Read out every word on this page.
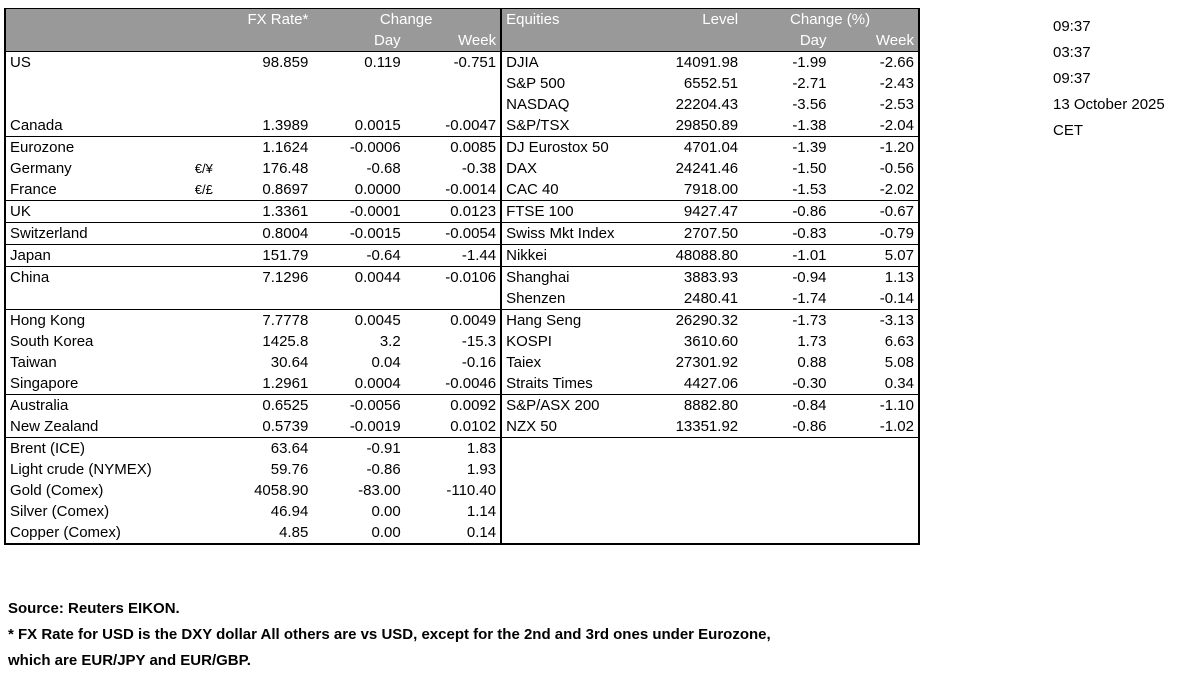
		FX Rate*	Change		Equities	Level	Change (%)	
			Day	Week			Day	Week
US		98.859	0.119	-0.751	DJIA	14091.98	-1.99	-2.66
					S&P 500	6552.51	-2.71	-2.43
					NASDAQ	22204.43	-3.56	-2.53
Canada		1.3989	0.0015	-0.0047	S&P/TSX	29850.89	-1.38	-2.04
Eurozone		1.1624	-0.0006	0.0085	DJ Eurostox 50	4701.04	-1.39	-1.20
Germany	€/¥	176.48	-0.68	-0.38	DAX	24241.46	-1.50	-0.56
France	€/£	0.8697	0.0000	-0.0014	CAC 40	7918.00	-1.53	-2.02
UK		1.3361	-0.0001	0.0123	FTSE 100	9427.47	-0.86	-0.67
Switzerland		0.8004	-0.0015	-0.0054	Swiss Mkt Index	2707.50	-0.83	-0.79
Japan		151.79	-0.64	-1.44	Nikkei	48088.80	-1.01	5.07
China		7.1296	0.0044	-0.0106	Shanghai	3883.93	-0.94	1.13
					Shenzen	2480.41	-1.74	-0.14
Hong Kong		7.7778	0.0045	0.0049	Hang Seng	26290.32	-1.73	-3.13
South Korea		1425.8	3.2	-15.3	KOSPI	3610.60	1.73	6.63
Taiwan		30.64	0.04	-0.16	Taiex	27301.92	0.88	5.08
Singapore		1.2961	0.0004	-0.0046	Straits Times	4427.06	-0.30	0.34
Australia		0.6525	-0.0056	0.0092	S&P/ASX 200	8882.80	-0.84	-1.10
New Zealand		0.5739	-0.0019	0.0102	NZX 50	13351.92	-0.86	-1.02
Brent (ICE)		63.64	-0.91	1.83				
Light crude (NYMEX)		59.76	-0.86	1.93				
Gold (Comex)		4058.90	-83.00	-110.40				
Silver (Comex)		46.94	0.00	1.14				
Copper (Comex)		4.85	0.00	0.14				
09:37
03:37
09:37
13 October 2025
CET
Source: Reuters EIKON.
* FX Rate for USD is the DXY dollar All others are vs USD, except for the 2nd and 3rd ones under Eurozone,
which are EUR/JPY and EUR/GBP.
